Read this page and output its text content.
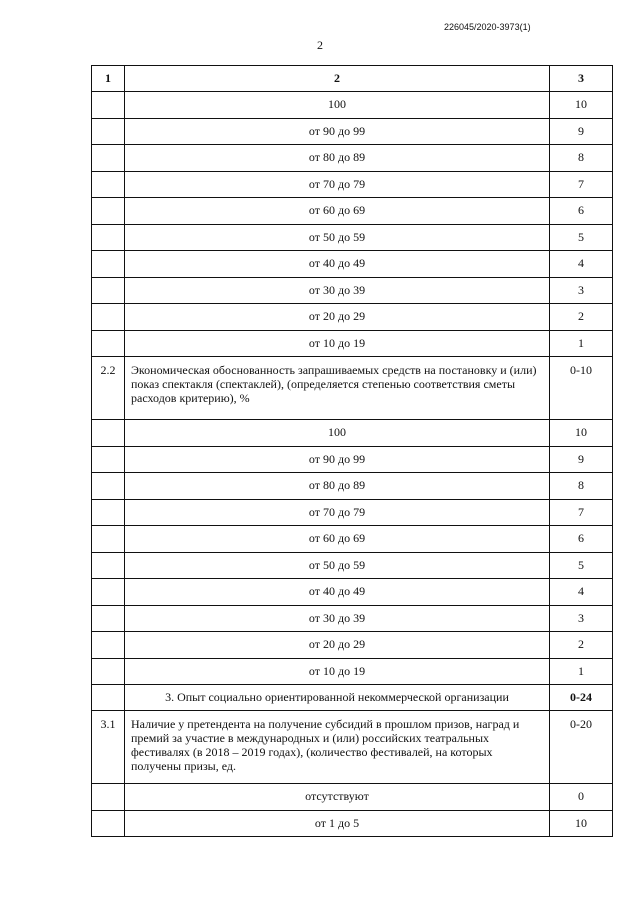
226045/2020-3973(1)
2
1	2	3
	100	10
	от 90 до 99	9
	от 80 до 89	8
	от 70 до 79	7
	от 60 до 69	6
	от 50 до 59	5
	от 40 до 49	4
	от 30 до 39	3
	от 20 до 29	2
	от 10 до 19	1
2.2	Экономическая обоснованность запрашиваемых средств на постановку и (или) показ спектакля (спектаклей), (определяется степенью соответствия сметы расходов критерию), %	0-10
	100	10
	от 90 до 99	9
	от 80 до 89	8
	от 70 до 79	7
	от 60 до 69	6
	от 50 до 59	5
	от 40 до 49	4
	от 30 до 39	3
	от 20 до 29	2
	от 10 до 19	1
	3. Опыт социально ориентированной некоммерческой организации	0-24
3.1	Наличие у претендента на получение субсидий в прошлом призов, наград и премий за участие в международных и (или) российских театральных фестивалях (в 2018 – 2019 годах), (количество фестивалей, на которых получены призы, ед.	0-20
	отсутствуют	0
	от 1 до 5	10
